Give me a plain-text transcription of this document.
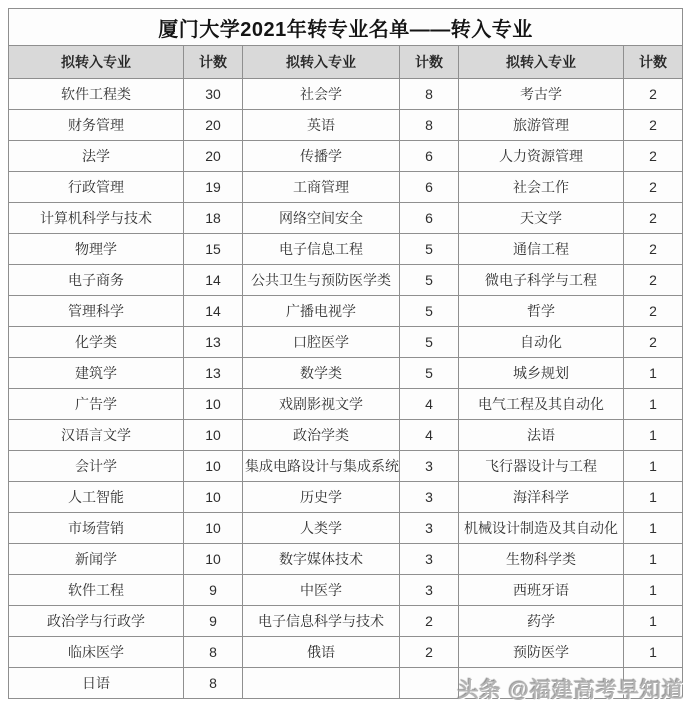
厦门大学2021年转专业名单——转入专业					
拟转入专业	计数	拟转入专业	计数	拟转入专业	计数
软件工程类	30	社会学	8	考古学	2
财务管理	20	英语	8	旅游管理	2
法学	20	传播学	6	人力资源管理	2
行政管理	19	工商管理	6	社会工作	2
计算机科学与技术	18	网络空间安全	6	天文学	2
物理学	15	电子信息工程	5	通信工程	2
电子商务	14	公共卫生与预防医学类	5	微电子科学与工程	2
管理科学	14	广播电视学	5	哲学	2
化学类	13	口腔医学	5	自动化	2
建筑学	13	数学类	5	城乡规划	1
广告学	10	戏剧影视文学	4	电气工程及其自动化	1
汉语言文学	10	政治学类	4	法语	1
会计学	10	集成电路设计与集成系统	3	飞行器设计与工程	1
人工智能	10	历史学	3	海洋科学	1
市场营销	10	人类学	3	机械设计制造及其自动化	1
新闻学	10	数字媒体技术	3	生物科学类	1
软件工程	9	中医学	3	西班牙语	1
政治学与行政学	9	电子信息科学与技术	2	药学	1
临床医学	8	俄语	2	预防医学	1
日语	8					头条 @福建高考早知道
